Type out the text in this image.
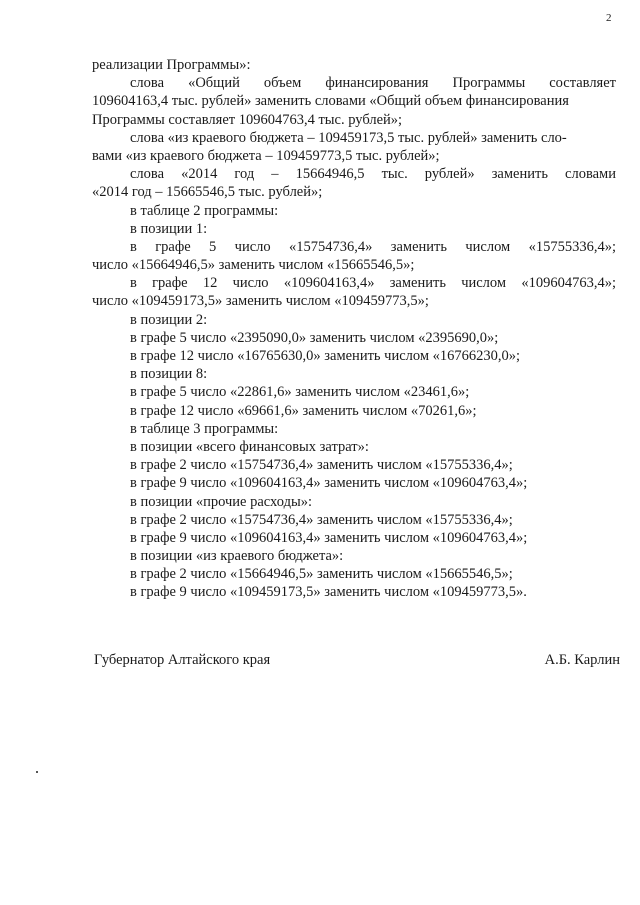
2
реализации Программы»:
слова «Общий объем финансирования Программы составляет
109604163,4 тыс. рублей» заменить словами «Общий объем финансирования
Программы составляет 109604763,4 тыс. рублей»;
слова «из краевого бюджета – 109459173,5 тыс. рублей» заменить сло-
вами «из краевого бюджета – 109459773,5 тыс. рублей»;
слова «2014 год – 15664946,5 тыс. рублей» заменить словами
«2014 год – 15665546,5 тыс. рублей»;
в таблице 2 программы:
в позиции 1:
в графе 5 число «15754736,4» заменить числом «15755336,4»;
число «15664946,5» заменить числом «15665546,5»;
в графе 12 число «109604163,4» заменить числом «109604763,4»;
число «109459173,5» заменить числом «109459773,5»;
в позиции 2:
в графе 5 число «2395090,0» заменить числом «2395690,0»;
в графе 12 число «16765630,0» заменить числом «16766230,0»;
в позиции 8:
в графе 5 число «22861,6» заменить числом «23461,6»;
в графе 12 число «69661,6» заменить числом «70261,6»;
в таблице 3 программы:
в позиции «всего финансовых затрат»:
в графе 2 число «15754736,4» заменить числом «15755336,4»;
в графе 9 число «109604163,4» заменить числом «109604763,4»;
в позиции «прочие расходы»:
в графе 2 число «15754736,4» заменить числом «15755336,4»;
в графе 9 число «109604163,4» заменить числом «109604763,4»;
в позиции «из краевого бюджета»:
в графе 2 число «15664946,5» заменить числом «15665546,5»;
в графе 9 число «109459173,5» заменить числом «109459773,5».
Губернатор Алтайского края	А.Б. Карлин
